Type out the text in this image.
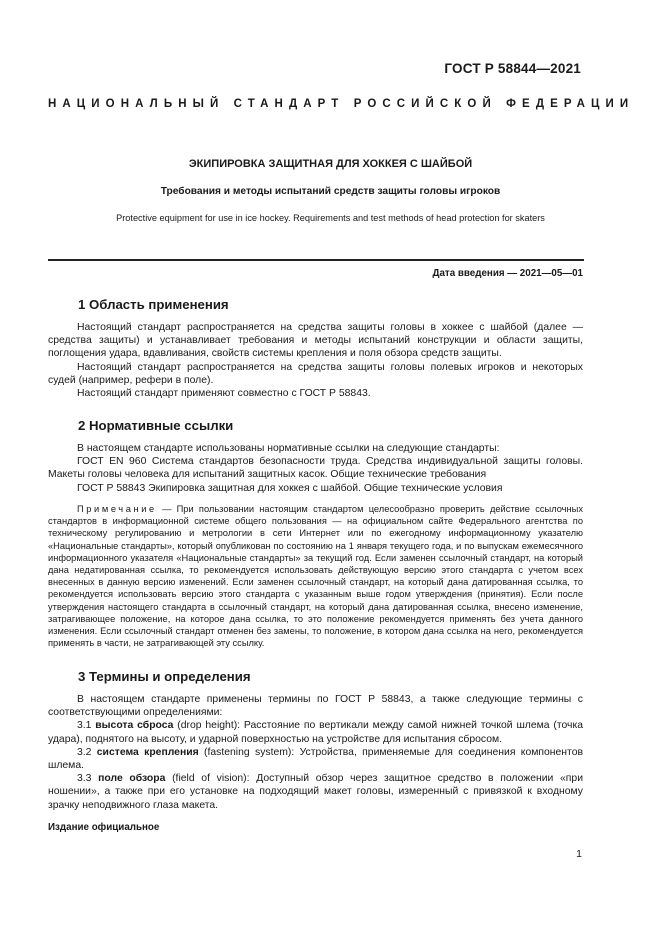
ГОСТ Р 58844—2021
НАЦИОНАЛЬНЫЙ СТАНДАРТ РОССИЙСКОЙ ФЕДЕРАЦИИ
ЭКИПИРОВКА ЗАЩИТНАЯ ДЛЯ ХОККЕЯ С ШАЙБОЙ
Требования и методы испытаний средств защиты головы игроков
Protective equipment for use in ice hockey. Requirements and test methods of head protection for skaters
Дата введения — 2021—05—01
1 Область применения

Настоящий стандарт распространяется на средства защиты головы в хоккее с шайбой (далее — средства защиты) и устанавливает требования и методы испытаний конструкции и области защиты, поглощения удара, вдавливания, свойств системы крепления и поля обзора средств защиты.

Настоящий стандарт распространяется на средства защиты головы полевых игроков и некоторых судей (например, рефери в поле).

Настоящий стандарт применяют совместно с ГОСТ Р 58843.

2 Нормативные ссылки

В настоящем стандарте использованы нормативные ссылки на следующие стандарты:

ГОСТ EN 960 Система стандартов безопасности труда. Средства индивидуальной защиты головы. Макеты головы человека для испытаний защитных касок. Общие технические требования

ГОСТ Р 58843 Экипировка защитная для хоккея с шайбой. Общие технические условия

Примечание — При пользовании настоящим стандартом целесообразно проверить действие ссылочных стандартов в информационной системе общего пользования — на официальном сайте Федерального агентства по техническому регулированию и метрологии в сети Интернет или по ежегодному информационному указателю «Национальные стандарты», который опубликован по состоянию на 1 января текущего года, и по выпускам ежемесячного информационного указателя «Национальные стандарты» за текущий год. Если заменен ссылочный стандарт, на который дана недатированная ссылка, то рекомендуется использовать действующую версию этого стандарта с учетом всех внесенных в данную версию изменений. Если заменен ссылочный стандарт, на который дана датированная ссылка, то рекомендуется использовать версию этого стандарта с указанным выше годом утверждения (принятия). Если после утверждения настоящего стандарта в ссылочный стандарт, на который дана датированная ссылка, внесено изменение, затрагивающее положение, на которое дана ссылка, то это положение рекомендуется применять без учета данного изменения. Если ссылочный стандарт отменен без замены, то положение, в котором дана ссылка на него, рекомендуется применять в части, не затрагивающей эту ссылку.

3 Термины и определения

В настоящем стандарте применены термины по ГОСТ Р 58843, а также следующие термины с соответствующими определениями:

3.1 высота сброса (drop height): Расстояние по вертикали между самой нижней точкой шлема (точка удара), поднятого на высоту, и ударной поверхностью на устройстве для испытания сбросом.

3.2 система крепления (fastening system): Устройства, применяемые для соединения компонентов шлема.

3.3 поле обзора (field of vision): Доступный обзор через защитное средство в положении «при ношении», а также при его установке на подходящий макет головы, измеренный с привязкой к входному зрачку неподвижного глаза макета.

Издание официальное
1
